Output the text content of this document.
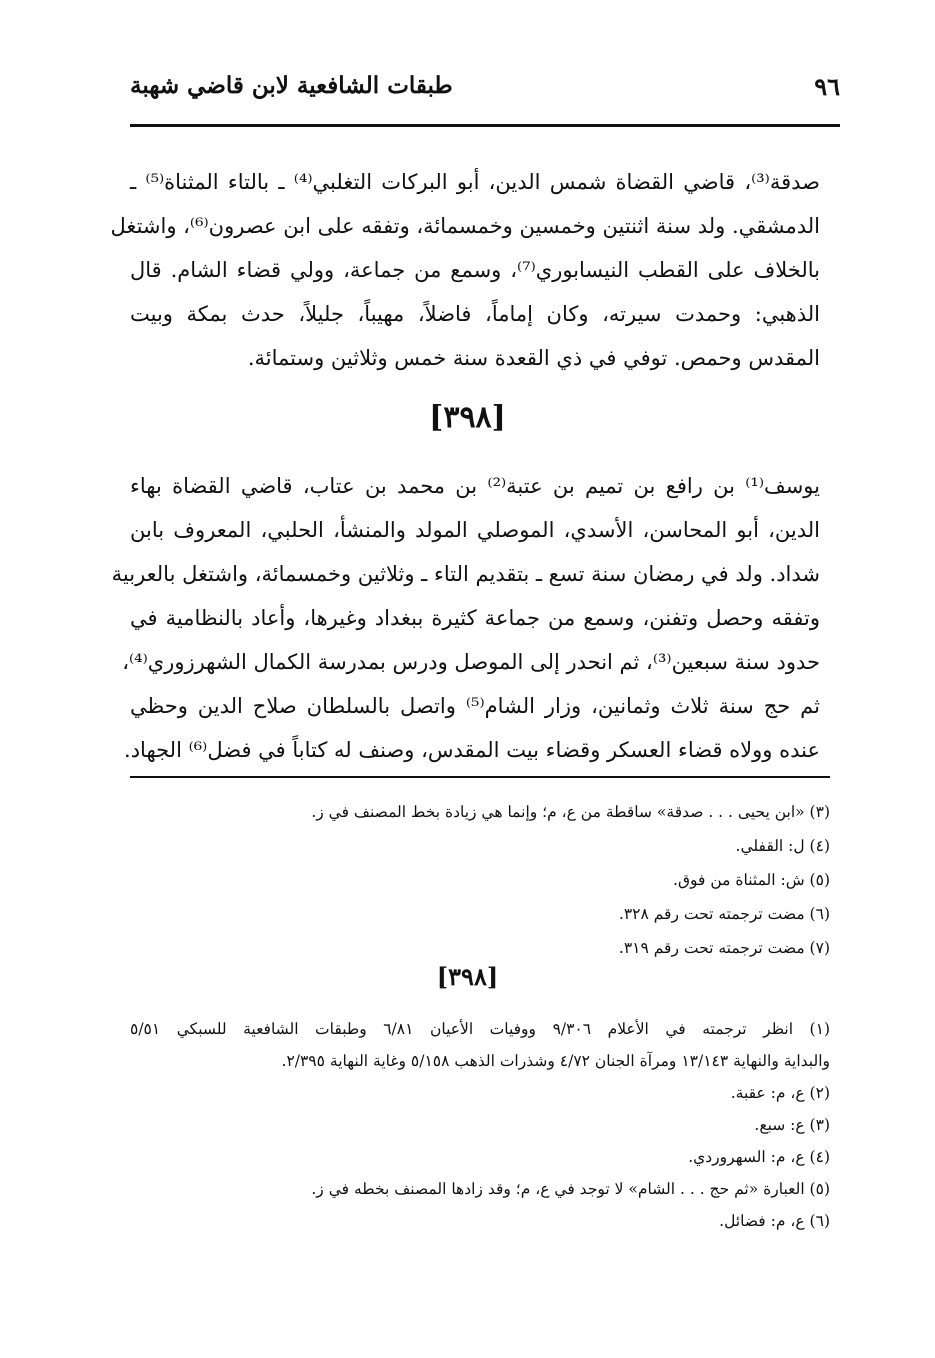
٩٦
طبقات الشافعية لابن قاضي شهبة
صدقة⁽³⁾، قاضي القضاة شمس الدين، أبو البركات التغلبي⁽⁴⁾ ـ بالتاء المثناة⁽⁵⁾ ـ
الدمشقي. ولد سنة اثنتين وخمسين وخمسمائة، وتفقه على ابن عصرون⁽⁶⁾، واشتغل
بالخلاف على القطب النيسابوري⁽⁷⁾، وسمع من جماعة، وولي قضاء الشام. قال
الذهبي: وحمدت سيرته، وكان إماماً، فاضلاً، مهيباً، جليلاً، حدث بمكة وبيت
المقدس وحمص. توفي في ذي القعدة سنة خمس وثلاثين وستمائة.
[٣٩٨]
يوسف⁽¹⁾ بن رافع بن تميم بن عتبة⁽²⁾ بن محمد بن عتاب، قاضي القضاة بهاء
الدين، أبو المحاسن، الأسدي، الموصلي المولد والمنشأ، الحلبي، المعروف بابن
شداد. ولد في رمضان سنة تسع ـ بتقديم التاء ـ وثلاثين وخمسمائة، واشتغل بالعربية
وتفقه وحصل وتفنن، وسمع من جماعة كثيرة ببغداد وغيرها، وأعاد بالنظامية في
حدود سنة سبعين⁽³⁾، ثم انحدر إلى الموصل ودرس بمدرسة الكمال الشهرزوري⁽⁴⁾،
ثم حج سنة ثلاث وثمانين، وزار الشام⁽⁵⁾ واتصل بالسلطان صلاح الدين وحظي
عنده وولاه قضاء العسكر وقضاء بيت المقدس، وصنف له كتاباً في فضل⁽⁶⁾ الجهاد.
(٣) «ابن يحيى . . . صدقة» ساقطة من ع، م؛ وإنما هي زيادة بخط المصنف في ز.
(٤) ل: القفلي.
(٥) ش: المثناة من فوق.
(٦) مضت ترجمته تحت رقم ٣٢٨.
(٧) مضت ترجمته تحت رقم ٣١٩.
[٣٩٨]
(١) انظر ترجمته في الأعلام ٩/٣٠٦ ووفيات الأعيان ٦/٨١ وطبقات الشافعية للسبكي ٥/٥١
والبداية والنهاية ١٣/١٤٣ ومرآة الجنان ٤/٧٢ وشذرات الذهب ٥/١٥٨ وغاية النهاية ٢/٣٩٥.
(٢) ع، م: عقبة.
(٣) ع: سبع.
(٤) ع، م: السهروردي.
(٥) العبارة «ثم حج . . . الشام» لا توجد في ع، م؛ وقد زادها المصنف بخطه في ز.
(٦) ع، م: فضائل.
